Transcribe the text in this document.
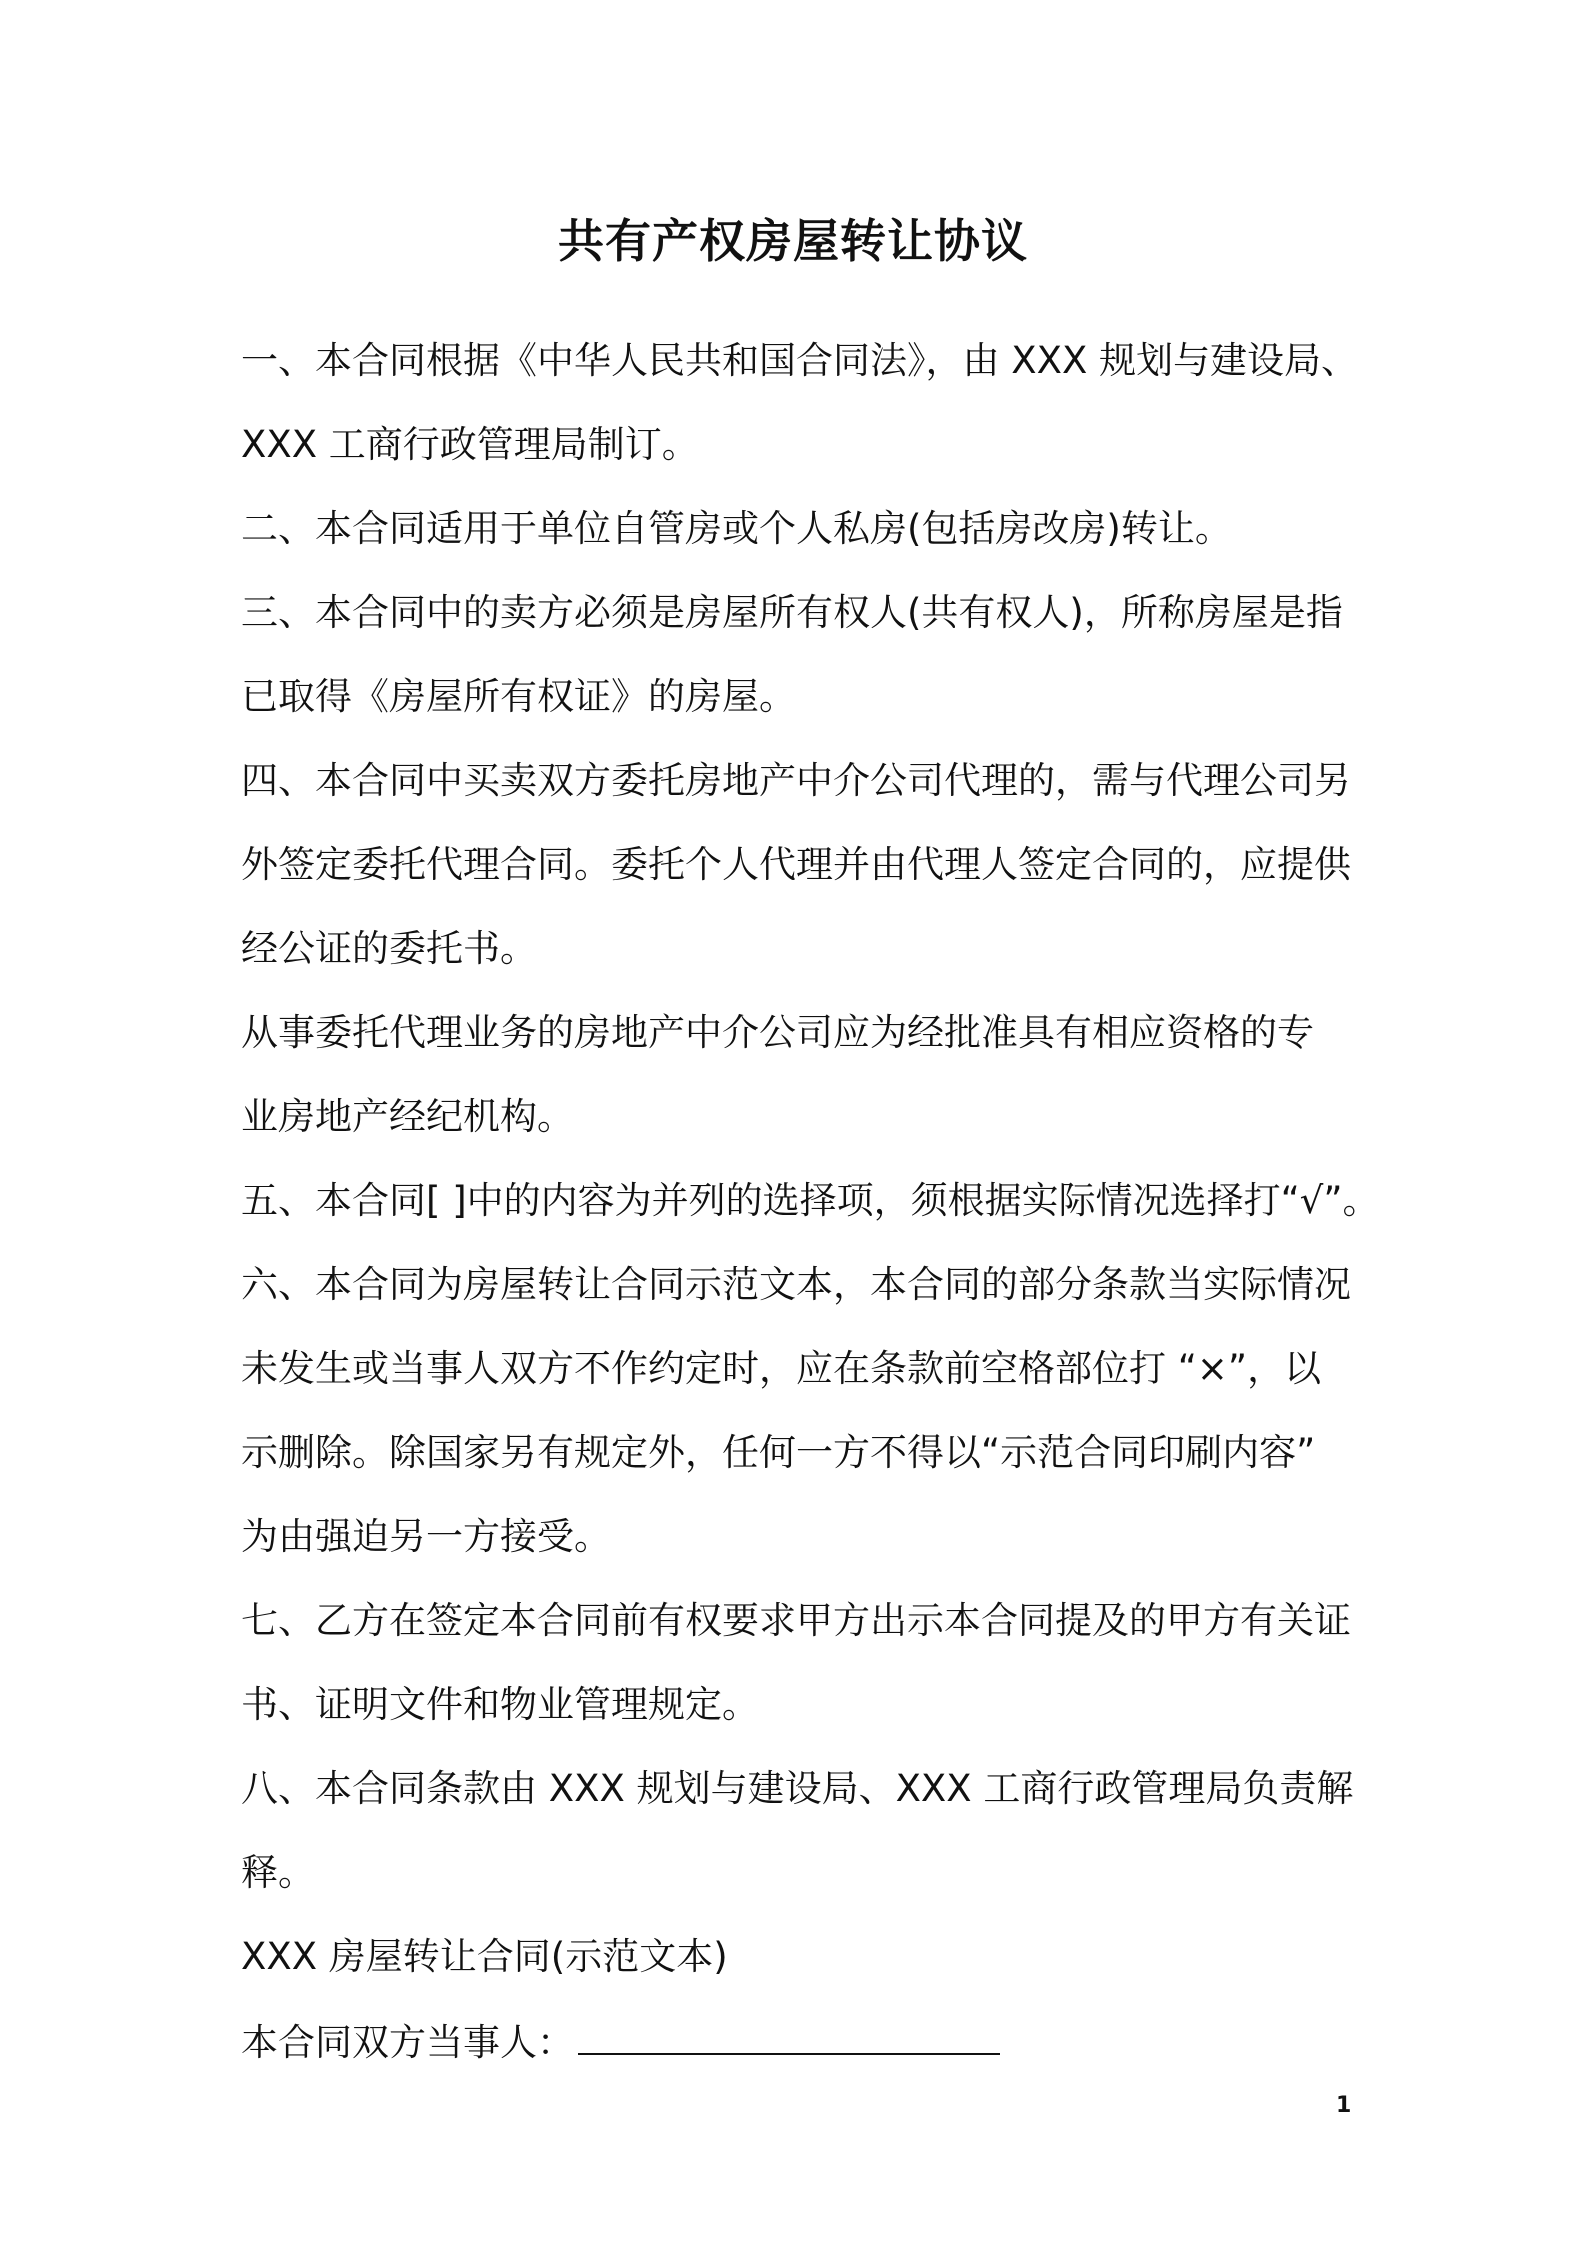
共有产权房屋转让协议

一、本合同根据《中华人民共和国合同法》，由 XXX 规划与建设局、

XXX 工商行政管理局制订。

二、本合同适用于单位自管房或个人私房(包括房改房)转让。

三、本合同中的卖方必须是房屋所有权人(共有权人)，所称房屋是指

已取得《房屋所有权证》的房屋。

四、本合同中买卖双方委托房地产中介公司代理的，需与代理公司另

外签定委托代理合同。委托个人代理并由代理人签定合同的，应提供

经公证的委托书。

从事委托代理业务的房地产中介公司应为经批准具有相应资格的专

业房地产经纪机构。

五、本合同[ ]中的内容为并列的选择项，须根据实际情况选择打“√”。

六、本合同为房屋转让合同示范文本，本合同的部分条款当实际情况

未发生或当事人双方不作约定时，应在条款前空格部位打 “×”，以

示删除。除国家另有规定外，任何一方不得以“示范合同印刷内容”

为由强迫另一方接受。

七、乙方在签定本合同前有权要求甲方出示本合同提及的甲方有关证

书、证明文件和物业管理规定。

八、本合同条款由 XXX 规划与建设局、XXX 工商行政管理局负责解

释。

XXX 房屋转让合同(示范文本)

本合同双方当事人：

1
